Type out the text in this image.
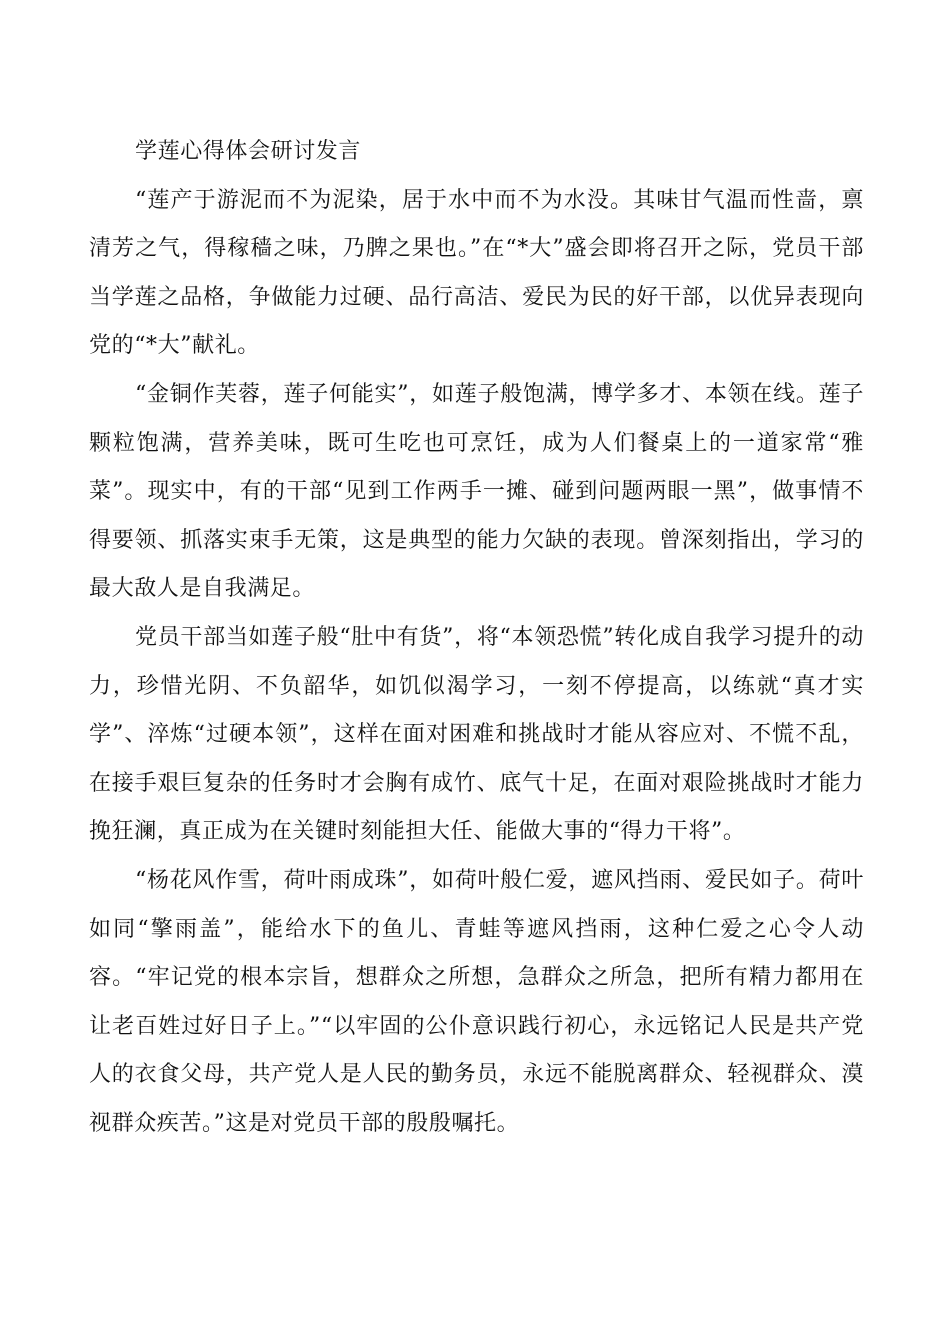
学莲心得体会研讨发言

“莲产于游泥而不为泥染，居于水中而不为水没。其味甘气温而性啬，禀清芳之气，得稼穑之味，乃脾之果也。”在“*大”盛会即将召开之际，党员干部当学莲之品格，争做能力过硬、品行高洁、爱民为民的好干部，以优异表现向党的“*大”献礼。

“金铜作芙蓉，莲子何能实”，如莲子般饱满，博学多才、本领在线。莲子颗粒饱满，营养美味，既可生吃也可烹饪，成为人们餐桌上的一道家常“雅菜”。现实中，有的干部“见到工作两手一摊、碰到问题两眼一黑”，做事情不得要领、抓落实束手无策，这是典型的能力欠缺的表现。曾深刻指出，学习的最大敌人是自我满足。

党员干部当如莲子般“肚中有货”，将“本领恐慌”转化成自我学习提升的动力，珍惜光阴、不负韶华，如饥似渴学习，一刻不停提高，以练就“真才实学”、淬炼“过硬本领”，这样在面对困难和挑战时才能从容应对、不慌不乱，在接手艰巨复杂的任务时才会胸有成竹、底气十足，在面对艰险挑战时才能力挽狂澜，真正成为在关键时刻能担大任、能做大事的“得力干将”。

“杨花风作雪，荷叶雨成珠”，如荷叶般仁爱，遮风挡雨、爱民如子。荷叶如同“擎雨盖”，能给水下的鱼儿、青蛙等遮风挡雨，这种仁爱之心令人动容。“牢记党的根本宗旨，想群众之所想，急群众之所急，把所有精力都用在让老百姓过好日子上。”“以牢固的公仆意识践行初心，永远铭记人民是共产党人的衣食父母，共产党人是人民的勤务员，永远不能脱离群众、轻视群众、漠视群众疾苦。”这是对党员干部的殷殷嘱托。
